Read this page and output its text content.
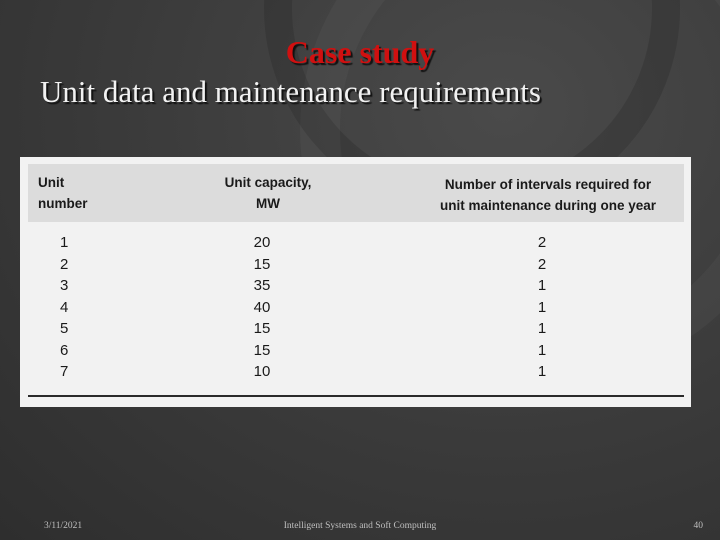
Case study
Unit data and maintenance requirements
Unit
number
Unit capacity,
MW
Number of intervals required for
unit maintenance during one year
1
2
3
4
5
6
7
20
15
35
40
15
15
10
2
2
1
1
1
1
1
3/11/2021	Intelligent Systems and Soft Computing	40
